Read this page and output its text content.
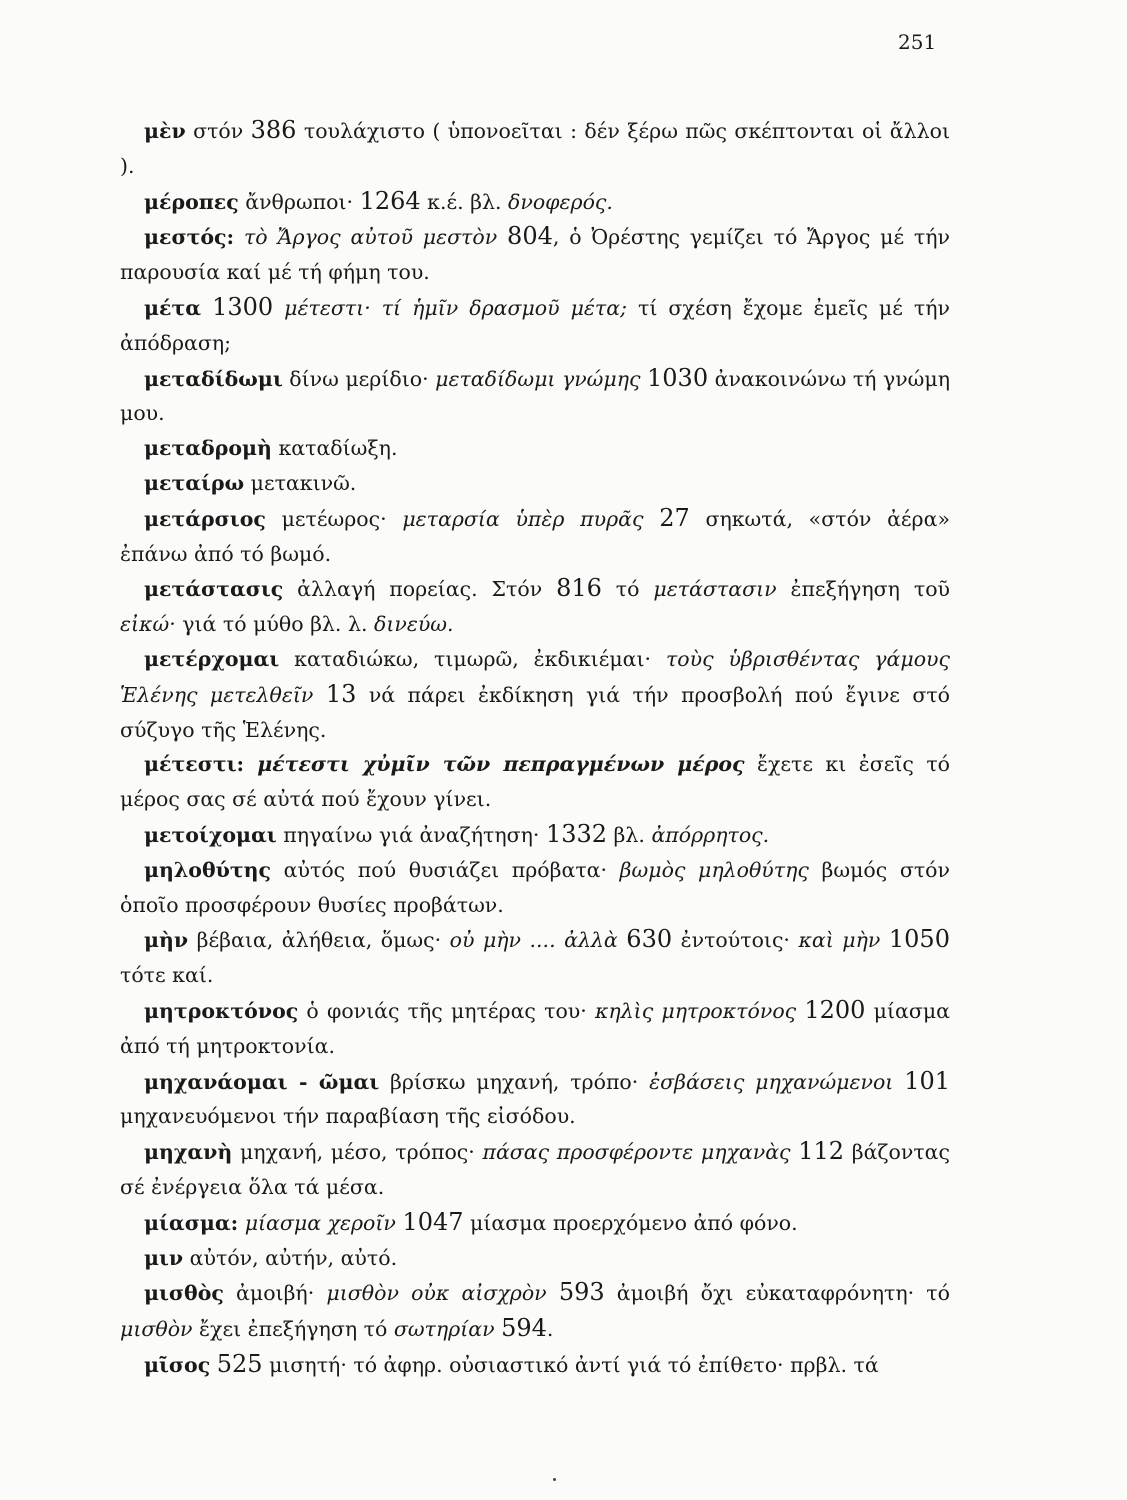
251

μὲν στόν 386 τουλάχιστο ( ὑπονοεῖται : δέν ξέρω πῶς σκέπτονται οἱ ἄλλοι ).

μέροπες ἄνθρωποι· 1264 κ.έ. βλ. δνοφερός.

μεστός: τὸ Ἄργος αὐτοῦ μεστὸν 804, ὁ Ὀρέστης γεμίζει τό Ἄργος μέ τήν παρουσία καί μέ τή φήμη του.

μέτα 1300 μέτεστι· τί ἡμῖν δρασμοῦ μέτα; τί σχέση ἔχομε ἐμεῖς μέ τήν ἀπόδραση;

μεταδίδωμι δίνω μερίδιο· μεταδίδωμι γνώμης 1030 ἀνακοινώνω τή γνώμη μου.

μεταδρομὴ καταδίωξη.

μεταίρω μετακινῶ.

μετάρσιος μετέωρος· μεταρσία ὑπὲρ πυρᾶς 27 σηκωτά, «στόν ἀέρα» ἐπάνω ἀπό τό βωμό.

μετάστασις ἀλλαγή πορείας. Στόν 816 τό μετάστασιν ἐπεξήγηση τοῦ εἰκώ· γιά τό μύθο βλ. λ. δινεύω.

μετέρχομαι καταδιώκω, τιμωρῶ, ἐκδικιέμαι· τοὺς ὑβρισθέντας γάμους Ἑλένης μετελθεῖν 13 νά πάρει ἐκδίκηση γιά τήν προσβολή πού ἔγινε στό σύζυγο τῆς Ἑλένης.

μέτεστι: μέτεστι χὐμῖν τῶν πεπραγμένων μέρος ἔχετε κι ἐσεῖς τό μέρος σας σέ αὐτά πού ἔχουν γίνει.

μετοίχομαι πηγαίνω γιά ἀναζήτηση· 1332 βλ. ἀπόρρητος.

μηλοθύτης αὐτός πού θυσιάζει πρόβατα· βωμὸς μηλοθύτης βωμός στόν ὁποῖο προσφέρουν θυσίες προβάτων.

μὴν βέβαια, ἀλήθεια, ὅμως· οὐ μὴν .... ἀλλὰ 630 ἐντούτοις· καὶ μὴν 1050 τότε καί.

μητροκτόνος ὁ φονιάς τῆς μητέρας του· κηλὶς μητροκτόνος 1200 μίασμα ἀπό τή μητροκτονία.

μηχανάομαι - ῶμαι βρίσκω μηχανή, τρόπο· ἐσβάσεις μηχανώμενοι 101 μηχανευόμενοι τήν παραβίαση τῆς εἰσόδου.

μηχανὴ μηχανή, μέσο, τρόπος· πάσας προσφέροντε μηχανὰς 112 βάζοντας σέ ἐνέργεια ὅλα τά μέσα.

μίασμα: μίασμα χεροῖν 1047 μίασμα προερχόμενο ἀπό φόνο.

μιν αὐτόν, αὐτήν, αὐτό.

μισθὸς ἀμοιβή· μισθὸν οὐκ αἰσχρὸν 593 ἀμοιβή ὄχι εὐκαταφρόνητη· τό μισθὸν ἔχει ἐπεξήγηση τό σωτηρίαν 594.

μῖσος 525 μισητή· τό ἀφηρ. οὐσιαστικό ἀντί γιά τό ἐπίθετο· πρβλ. τά
